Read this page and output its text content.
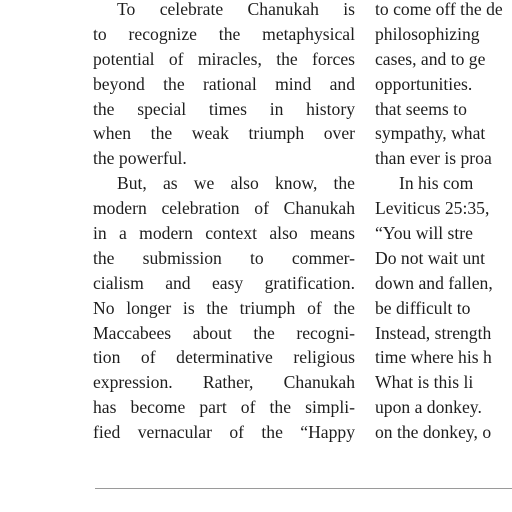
To celebrate Chanukah is
to recognize the metaphysical
potential of miracles, the forces
beyond the rational mind and
the special times in history
when the weak triumph over
the powerful.
But, as we also know, the
modern celebration of Chanukah
in a modern context also means
the submission to commer-
cialism and easy gratification.
No longer is the triumph of the
Maccabees about the recogni-
tion of determinative religious
expression. Rather, Chanukah
has become part of the simpli-
fied vernacular of the “Happy
to come off the de
philosophizing
cases, and to ge
opportunities.
that seems to
sympathy, what
than ever is proa
In his com
Leviticus 25:35,
“You will stre
Do not wait unt
down and fallen,
be difficult to
Instead, strength
time where his h
What is this li
upon a donkey.
on the donkey, o
